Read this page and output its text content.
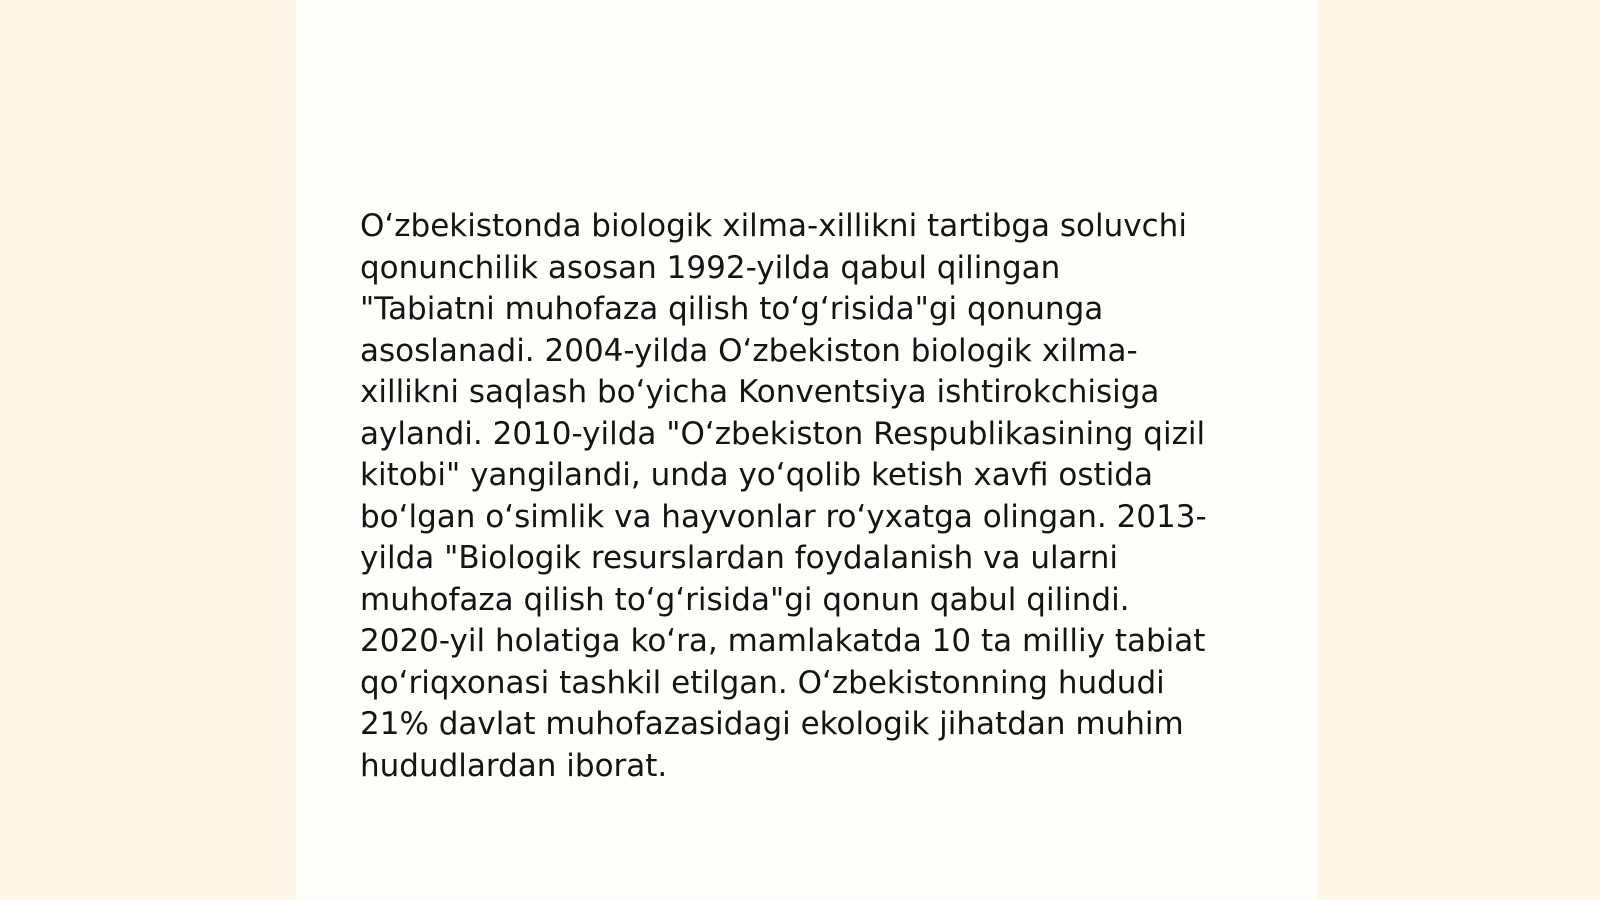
Oʻzbekistonda biologik xilma-xillikni tartibga soluvchi
qonunchilik asosan 1992-yilda qabul qilingan
"Tabiatni muhofaza qilish toʻgʻrisida"gi qonunga
asoslanadi. 2004-yilda Oʻzbekiston biologik xilma-
xillikni saqlash boʻyicha Konventsiya ishtirokchisiga
aylandi. 2010-yilda "Oʻzbekiston Respublikasining qizil
kitobi" yangilandi, unda yoʻqolib ketish xavfi ostida
boʻlgan oʻsimlik va hayvonlar roʻyxatga olingan. 2013-
yilda "Biologik resurslardan foydalanish va ularni
muhofaza qilish toʻgʻrisida"gi qonun qabul qilindi.
2020-yil holatiga koʻra, mamlakatda 10 ta milliy tabiat
qoʻriqxonasi tashkil etilgan. Oʻzbekistonning hududi
21% davlat muhofazasidagi ekologik jihatdan muhim
hududlardan iborat.
